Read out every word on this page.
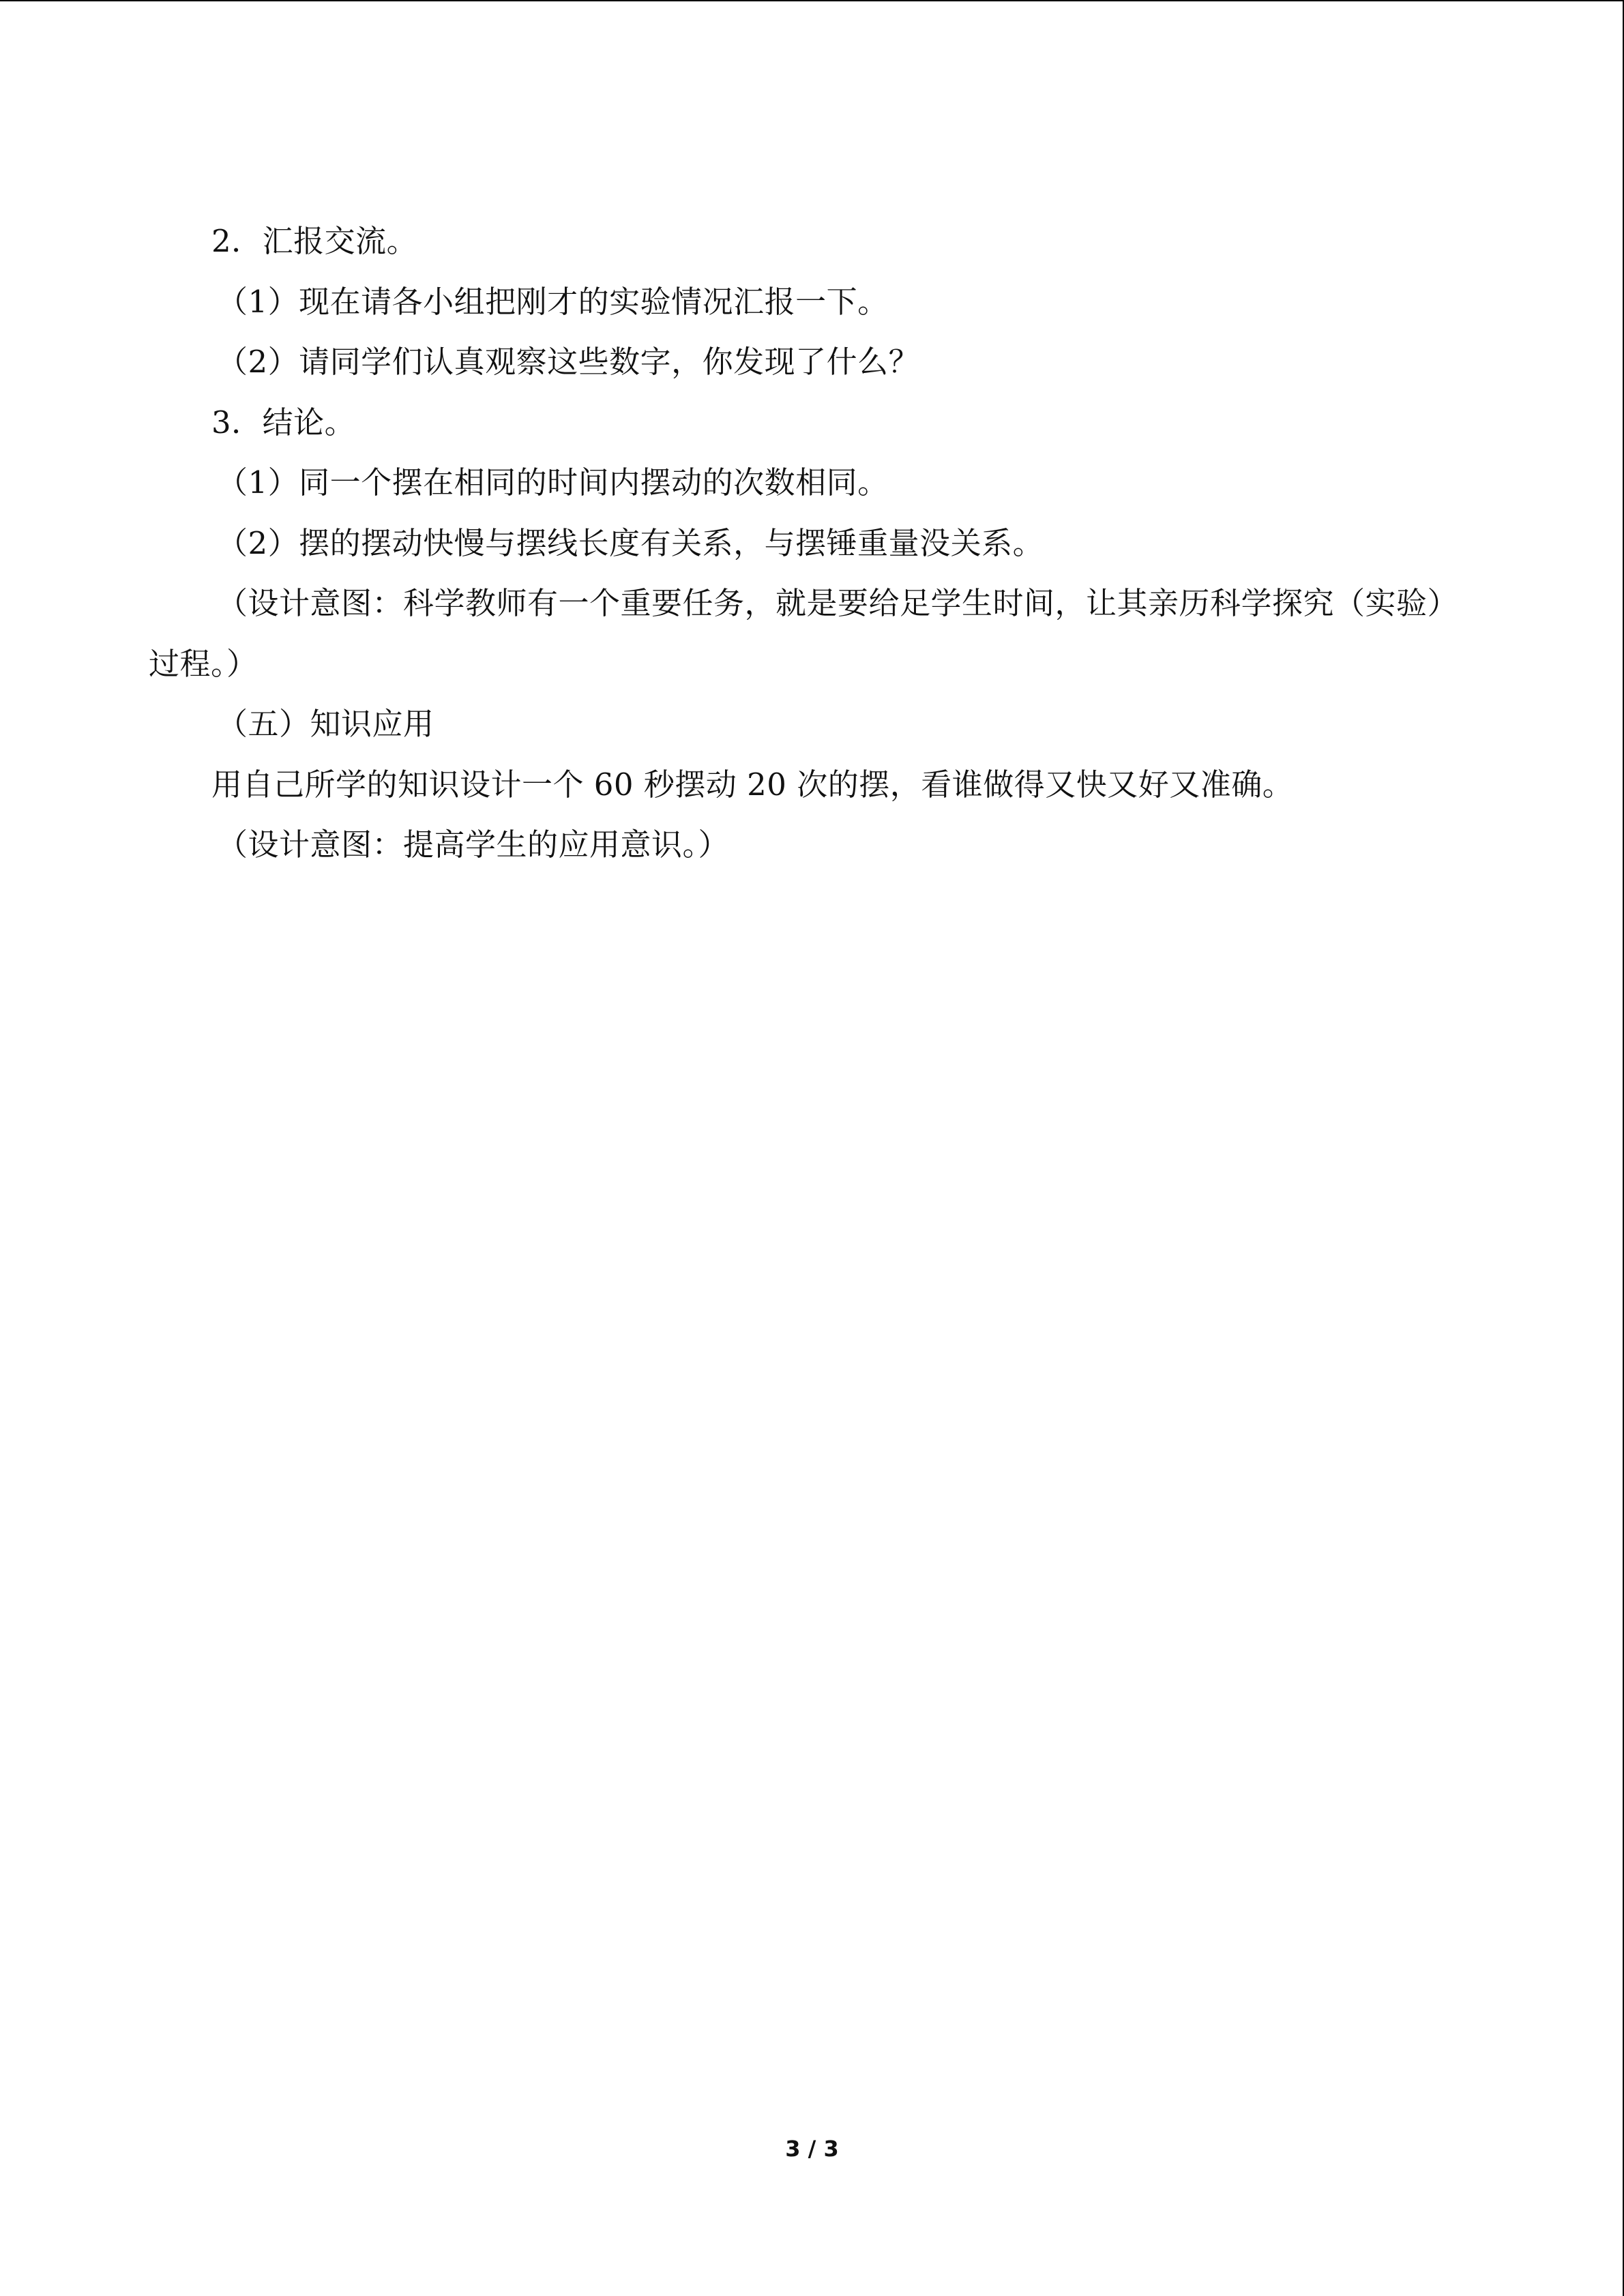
2．汇报交流。
（1）现在请各小组把刚才的实验情况汇报一下。
（2）请同学们认真观察这些数字，你发现了什么？
3．结论。
（1）同一个摆在相同的时间内摆动的次数相同。
（2）摆的摆动快慢与摆线长度有关系，与摆锤重量没关系。
（设计意图：科学教师有一个重要任务，就是要给足学生时间，让其亲历科学探究（实验）过程。）
（五）知识应用
用自己所学的知识设计一个 60 秒摆动 20 次的摆，看谁做得又快又好又准确。
（设计意图：提高学生的应用意识。）
3 / 3
